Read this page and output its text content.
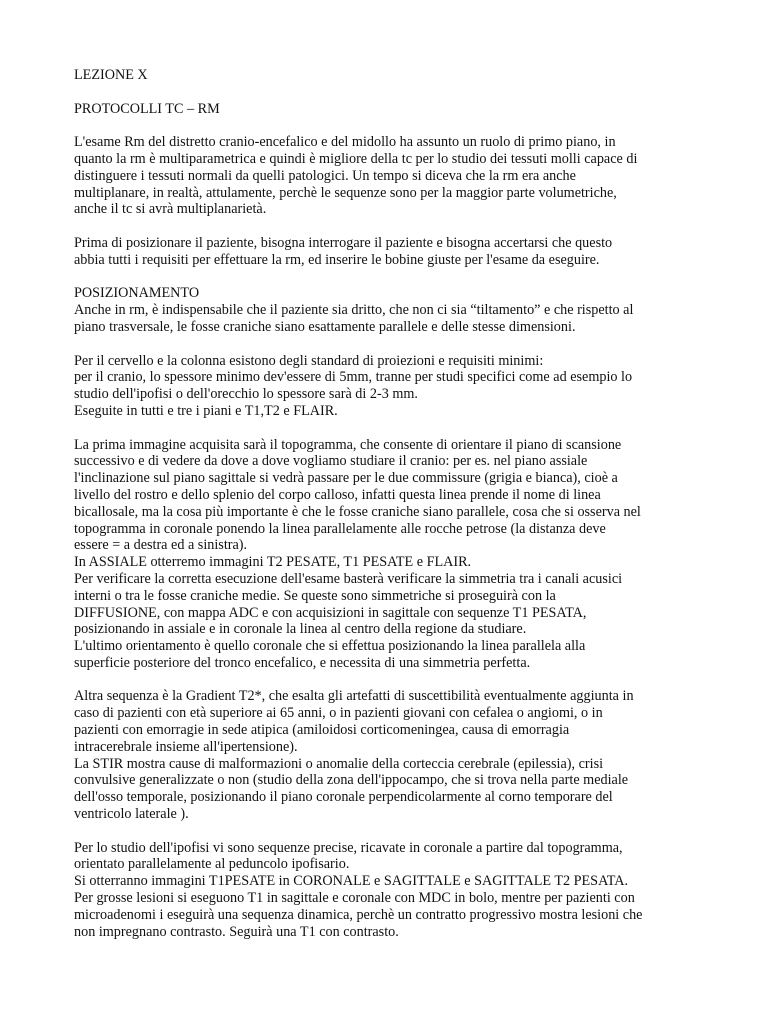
LEZIONE X

PROTOCOLLI TC – RM

L'esame Rm del distretto cranio-encefalico e del midollo ha assunto un ruolo di primo piano, in
quanto la rm è multiparametrica e quindi è migliore della tc per lo studio dei tessuti molli capace di
distinguere i tessuti normali da quelli patologici. Un tempo si diceva che la rm era anche
multiplanare, in realtà, attulamente, perchè le sequenze sono per la maggior parte volumetriche,
anche il tc si avrà multiplanarietà.

Prima di posizionare il paziente, bisogna interrogare il paziente e bisogna accertarsi che questo
abbia tutti i requisiti per effettuare la rm, ed inserire le bobine giuste per l'esame da eseguire.

POSIZIONAMENTO

Anche in rm, è indispensabile che il paziente sia dritto, che non ci sia “tiltamento” e che rispetto al
piano trasversale, le fosse craniche siano esattamente parallele e delle stesse dimensioni.

Per il cervello e la colonna esistono degli standard di proiezioni e requisiti minimi:
per il cranio, lo spessore minimo dev'essere di 5mm, tranne per studi specifici come ad esempio lo
studio dell'ipofisi o dell'orecchio lo spessore sarà di 2-3 mm.
Eseguite in tutti e tre i piani e T1,T2 e FLAIR.

La prima immagine acquisita sarà il topogramma, che consente di orientare il piano di scansione
successivo e di vedere da dove a dove vogliamo studiare il cranio: per es. nel piano assiale
l'inclinazione sul piano sagittale si vedrà passare per le due commissure (grigia e bianca), cioè a
livello del rostro e dello splenio del corpo calloso, infatti questa linea prende il nome di linea
bicallosale, ma la cosa più importante è che le fosse craniche siano parallele, cosa che si osserva nel
topogramma in coronale ponendo la linea parallelamente alle rocche petrose (la distanza deve
essere = a destra ed a sinistra).
In ASSIALE otterremo immagini T2 PESATE, T1 PESATE e FLAIR.
Per verificare la corretta esecuzione dell'esame basterà verificare la simmetria tra i canali acusici
interni o tra le fosse craniche medie. Se queste sono simmetriche si proseguirà con la
DIFFUSIONE, con mappa ADC e con acquisizioni in sagittale con sequenze T1 PESATA,
posizionando in assiale e in coronale la linea al centro della regione da studiare.
L'ultimo orientamento è quello coronale che si effettua posizionando la linea parallela alla
superficie posteriore del tronco encefalico, e necessita di una simmetria perfetta.

Altra sequenza è la Gradient T2*, che esalta gli artefatti di suscettibilità eventualmente aggiunta in
caso di pazienti con età superiore ai 65 anni, o in pazienti giovani con cefalea o angiomi, o in
pazienti con emorragie in sede atipica (amiloidosi corticomeningea, causa di emorragia
intracerebrale insieme all'ipertensione).
La STIR mostra cause di malformazioni o anomalie della corteccia cerebrale (epilessia), crisi
convulsive generalizzate o non (studio della zona dell'ippocampo, che si trova nella parte mediale
dell'osso temporale, posizionando il piano coronale perpendicolarmente al corno temporare del
ventricolo laterale ).

Per lo studio dell'ipofisi vi sono sequenze precise, ricavate in coronale a partire dal topogramma,
orientato parallelamente al peduncolo ipofisario.
Si otterranno immagini T1PESATE in CORONALE e SAGITTALE e SAGITTALE T2 PESATA.
Per grosse lesioni si eseguono T1 in sagittale e coronale con MDC in bolo, mentre per pazienti con
microadenomi i eseguirà una sequenza dinamica, perchè un contratto progressivo mostra lesioni che
non impregnano contrasto. Seguirà una T1 con contrasto.
